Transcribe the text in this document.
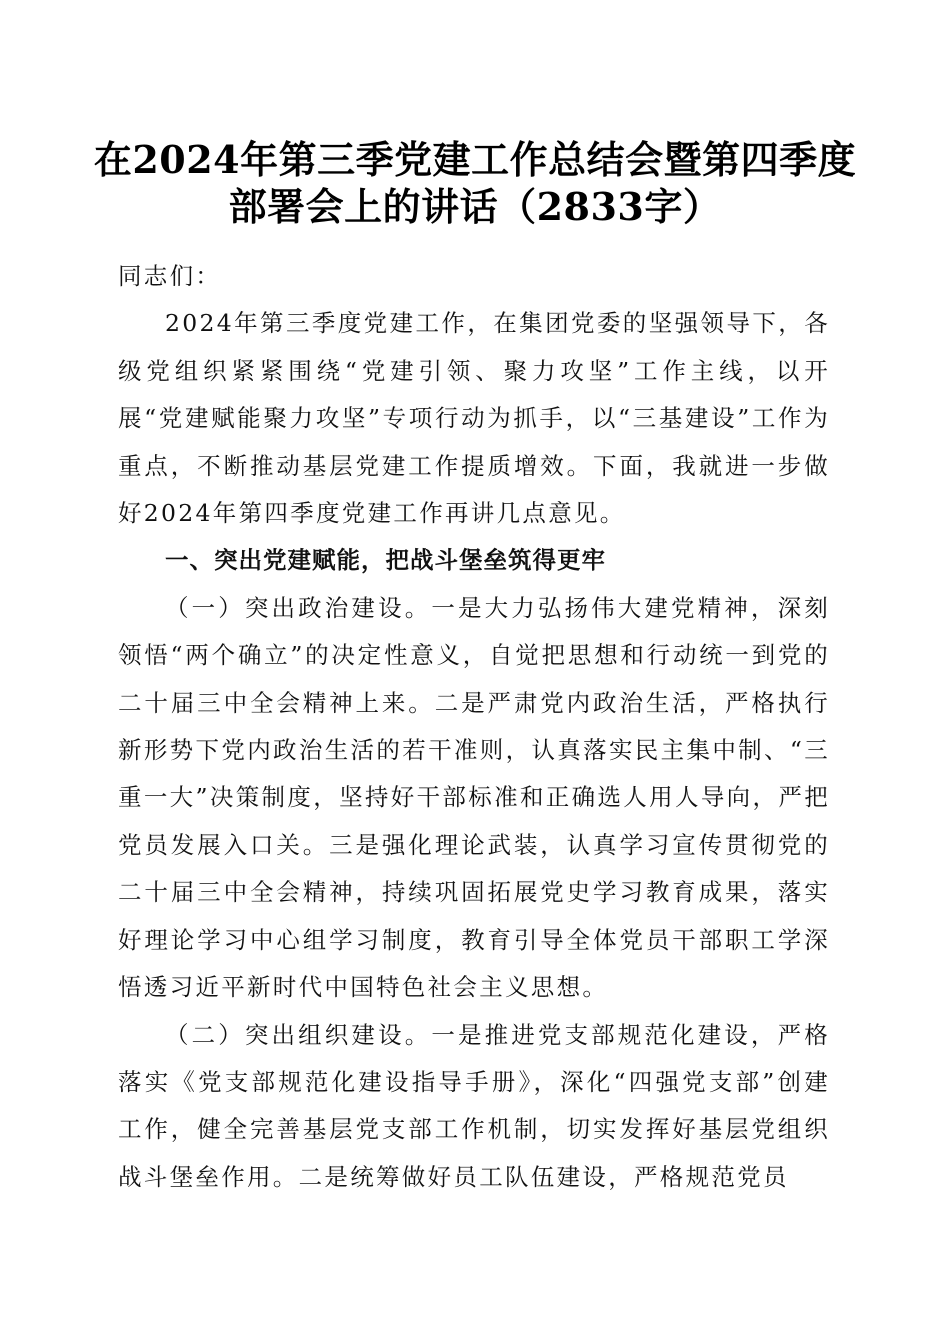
在2024年第三季党建工作总结会暨第四季度
部署会上的讲话（2833字）

同志们：

2024年第三季度党建工作，在集团党委的坚强领导下，各级党组织紧紧围绕“党建引领、聚力攻坚”工作主线，以开展“党建赋能聚力攻坚”专项行动为抓手，以“三基建设”工作为重点，不断推动基层党建工作提质增效。下面，我就进一步做好2024年第四季度党建工作再讲几点意见。

一、突出党建赋能，把战斗堡垒筑得更牢

（一）突出政治建设。一是大力弘扬伟大建党精神，深刻领悟“两个确立”的决定性意义，自觉把思想和行动统一到党的二十届三中全会精神上来。二是严肃党内政治生活，严格执行新形势下党内政治生活的若干准则，认真落实民主集中制、“三重一大”决策制度，坚持好干部标准和正确选人用人导向，严把党员发展入口关。三是强化理论武装，认真学习宣传贯彻党的二十届三中全会精神，持续巩固拓展党史学习教育成果，落实好理论学习中心组学习制度，教育引导全体党员干部职工学深悟透习近平新时代中国特色社会主义思想。

（二）突出组织建设。一是推进党支部规范化建设，严格落实《党支部规范化建设指导手册》，深化“四强党支部”创建工作，健全完善基层党支部工作机制，切实发挥好基层党组织战斗堡垒作用。二是统筹做好员工队伍建设，严格规范党员
